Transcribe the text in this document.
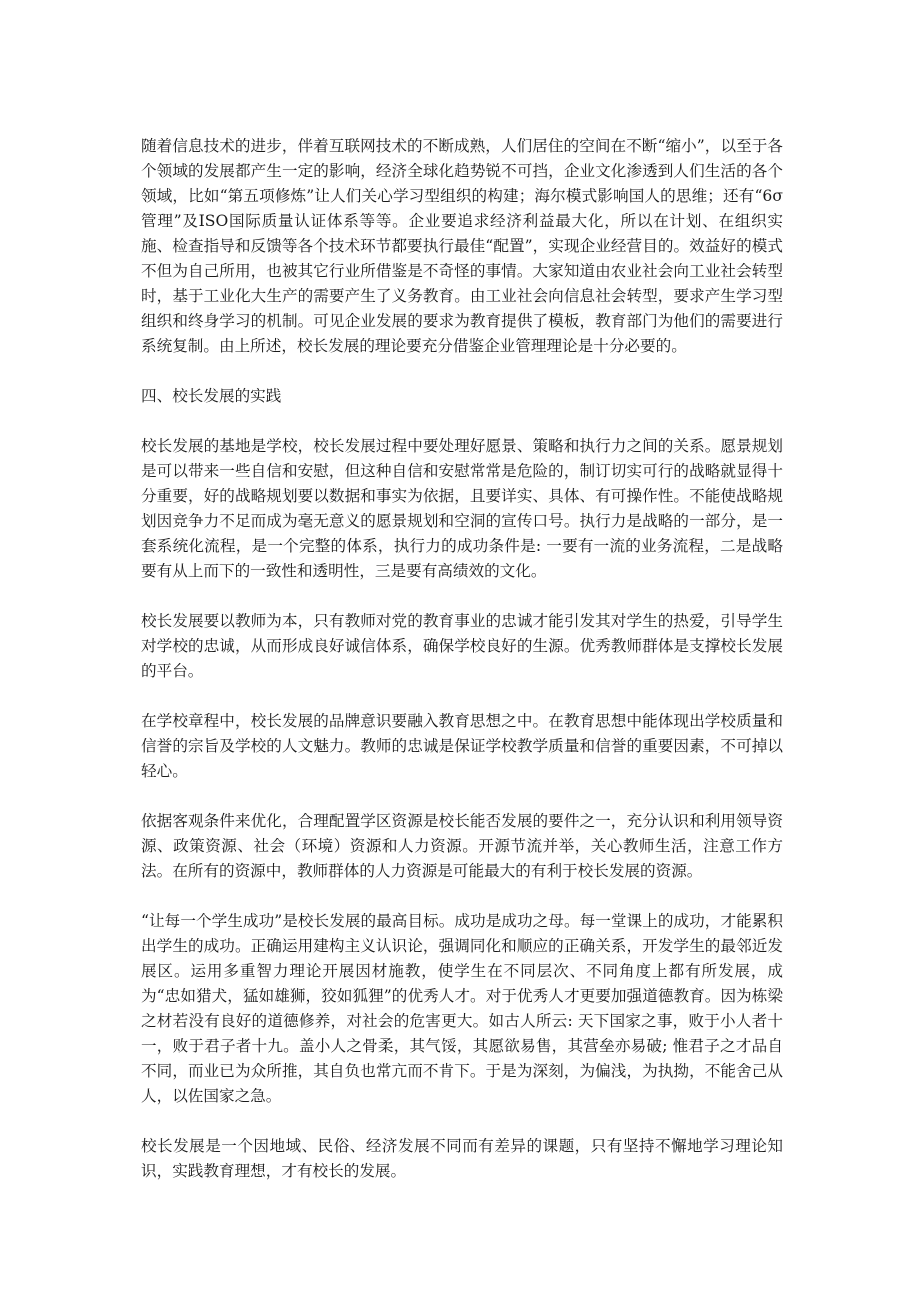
随着信息技术的进步，伴着互联网技术的不断成熟，人们居住的空间在不断“缩小”，以至于各个领域的发展都产生一定的影响，经济全球化趋势锐不可挡，企业文化渗透到人们生活的各个领域，比如“第五项修炼”让人们关心学习型组织的构建；海尔模式影响国人的思维；还有“6σ管理”及ISO国际质量认证体系等等。企业要追求经济利益最大化，所以在计划、在组织实施、检查指导和反馈等各个技术环节都要执行最佳“配置”，实现企业经营目的。效益好的模式不但为自己所用，也被其它行业所借鉴是不奇怪的事情。大家知道由农业社会向工业社会转型时，基于工业化大生产的需要产生了义务教育。由工业社会向信息社会转型，要求产生学习型组织和终身学习的机制。可见企业发展的要求为教育提供了模板，教育部门为他们的需要进行系统复制。由上所述，校长发展的理论要充分借鉴企业管理理论是十分必要的。

四、校长发展的实践

校长发展的基地是学校，校长发展过程中要处理好愿景、策略和执行力之间的关系。愿景规划是可以带来一些自信和安慰，但这种自信和安慰常常是危险的，制订切实可行的战略就显得十分重要，好的战略规划要以数据和事实为依据，且要详实、具体、有可操作性。不能使战略规划因竞争力不足而成为毫无意义的愿景规划和空洞的宣传口号。执行力是战略的一部分，是一套系统化流程，是一个完整的体系，执行力的成功条件是: 一要有一流的业务流程，二是战略要有从上而下的一致性和透明性，三是要有高绩效的文化。

校长发展要以教师为本，只有教师对党的教育事业的忠诚才能引发其对学生的热爱，引导学生对学校的忠诚，从而形成良好诚信体系，确保学校良好的生源。优秀教师群体是支撑校长发展的平台。

在学校章程中，校长发展的品牌意识要融入教育思想之中。在教育思想中能体现出学校质量和信誉的宗旨及学校的人文魅力。教师的忠诚是保证学校教学质量和信誉的重要因素，不可掉以轻心。

依据客观条件来优化，合理配置学区资源是校长能否发展的要件之一，充分认识和利用领导资源、政策资源、社会（环境）资源和人力资源。开源节流并举，关心教师生活，注意工作方法。在所有的资源中，教师群体的人力资源是可能最大的有利于校长发展的资源。

“让每一个学生成功”是校长发展的最高目标。成功是成功之母。每一堂课上的成功，才能累积出学生的成功。正确运用建构主义认识论，强调同化和顺应的正确关系，开发学生的最邻近发展区。运用多重智力理论开展因材施教，使学生在不同层次、不同角度上都有所发展，成为“忠如猎犬，猛如雄狮，狡如狐狸”的优秀人才。对于优秀人才更要加强道德教育。因为栋梁之材若没有良好的道德修养，对社会的危害更大。如古人所云: 天下国家之事，败于小人者十一，败于君子者十九。盖小人之骨柔，其气馁，其愿欲易售，其营垒亦易破; 惟君子之才品自不同，而业已为众所推，其自负也常亢而不肯下。于是为深刻，为偏浅，为执拗，不能舍己从人，以佐国家之急。

校长发展是一个因地域、民俗、经济发展不同而有差异的课题，只有坚持不懈地学习理论知识，实践教育理想，才有校长的发展。
